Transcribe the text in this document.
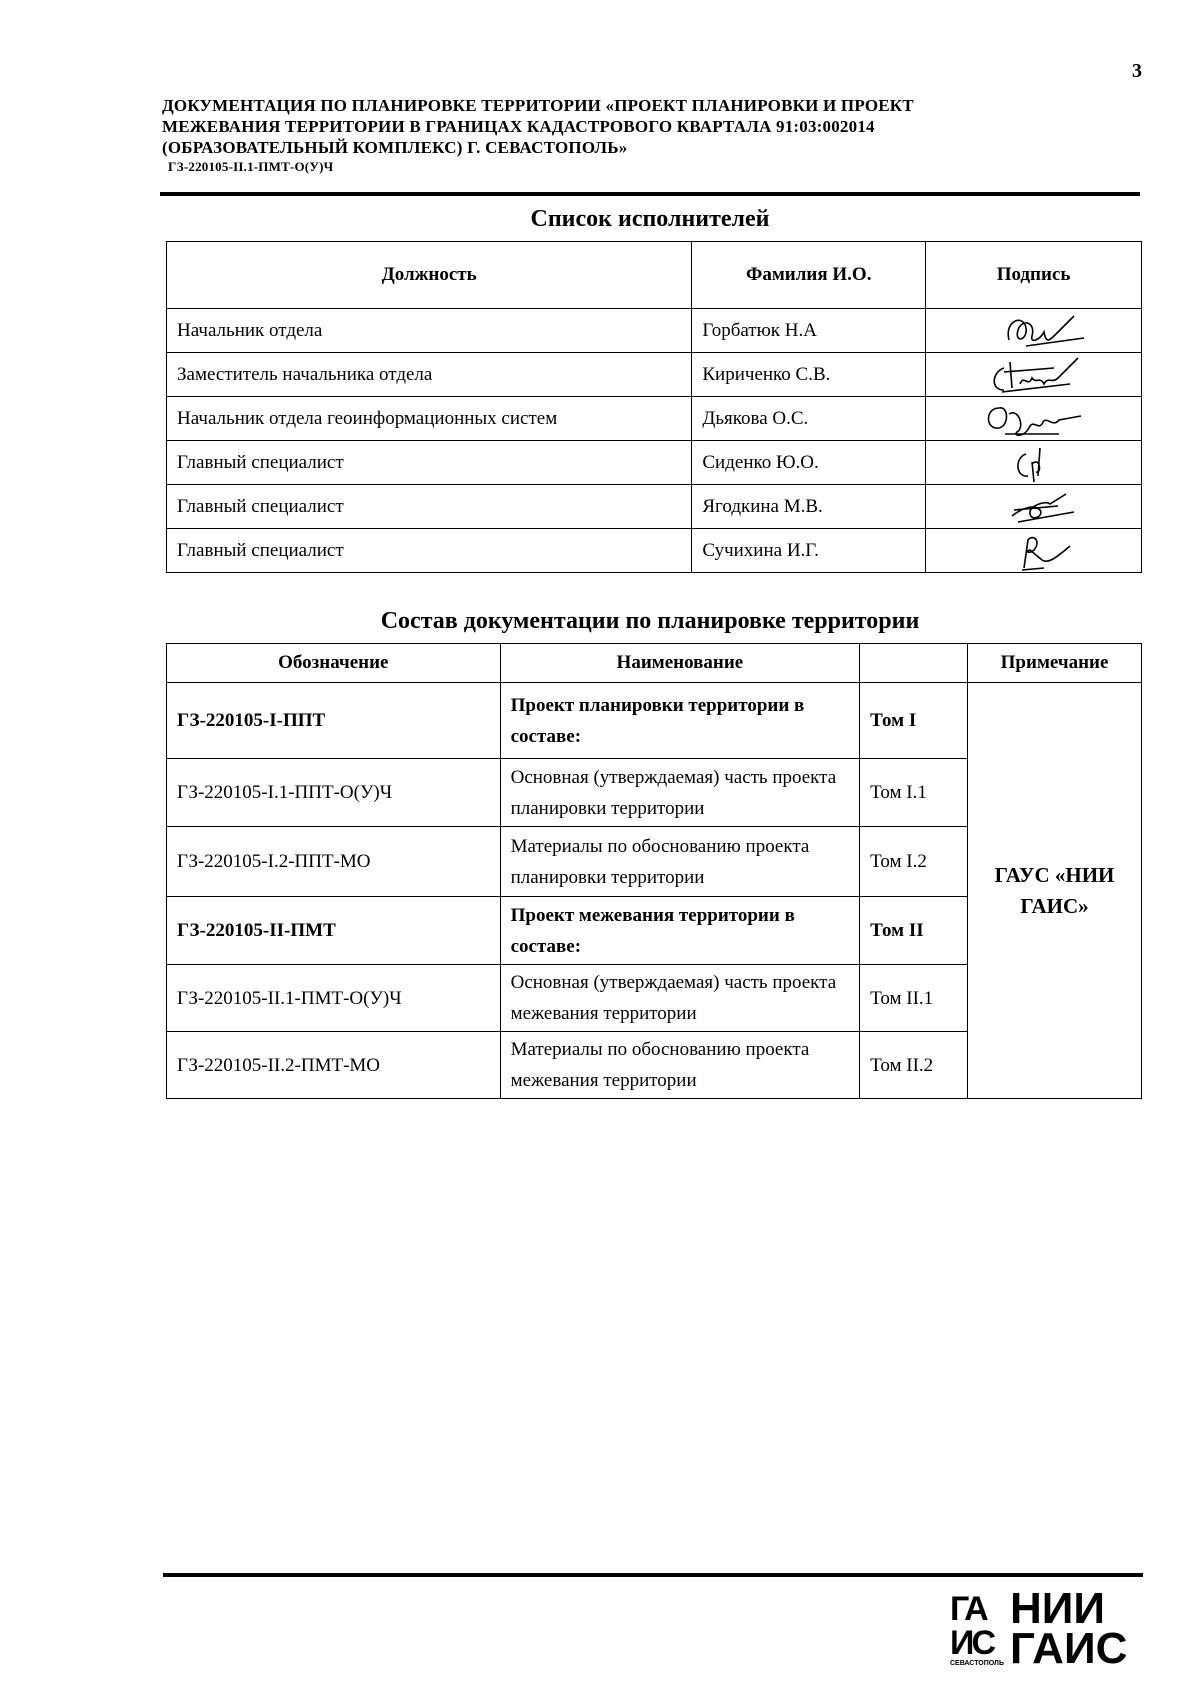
3
ДОКУМЕНТАЦИЯ ПО ПЛАНИРОВКЕ ТЕРРИТОРИИ «ПРОЕКТ ПЛАНИРОВКИ И ПРОЕКТ
МЕЖЕВАНИЯ ТЕРРИТОРИИ В ГРАНИЦАХ КАДАСТРОВОГО КВАРТАЛА 91:03:002014
(ОБРАЗОВАТЕЛЬНЫЙ КОМПЛЕКС) Г. СЕВАСТОПОЛЬ»
ГЗ-220105-II.1-ПМТ-О(У)Ч
Список исполнителей
Должность	Фамилия И.О.	Подпись
Начальник отдела	Горбатюк Н.А	

Заместитель начальника отдела	Кириченко С.В.	

Начальник отдела геоинформационных систем	Дьякова О.С.	

Главный специалист	Сиденко Ю.О.	

Главный специалист	Ягодкина М.В.	

Главный специалист	Сучихина И.Г.	
Состав документации по планировке территории
Обозначение	Наименование		Примечание
ГЗ-220105-I-ППТ	Проект планировки территории в составе:	Том I	ГАУС «НИИ ГАИС»
ГЗ-220105-I.1-ППТ-О(У)Ч	Основная (утверждаемая) часть проекта планировки территории	Том I.1	
ГЗ-220105-I.2-ППТ-МО	Материалы по обоснованию проекта планировки территории	Том I.2	
ГЗ-220105-II-ПМТ	Проект межевания территории в составе:	Том II	
ГЗ-220105-II.1-ПМТ-О(У)Ч	Основная (утверждаемая) часть проекта межевания территории	Том II.1	
ГЗ-220105-II.2-ПМТ-МО	Материалы по обоснованию проекта межевания территории	Том II.2	
ГА
ИС
НИИ
ГАИС
СЕВАСТОПОЛЬ
